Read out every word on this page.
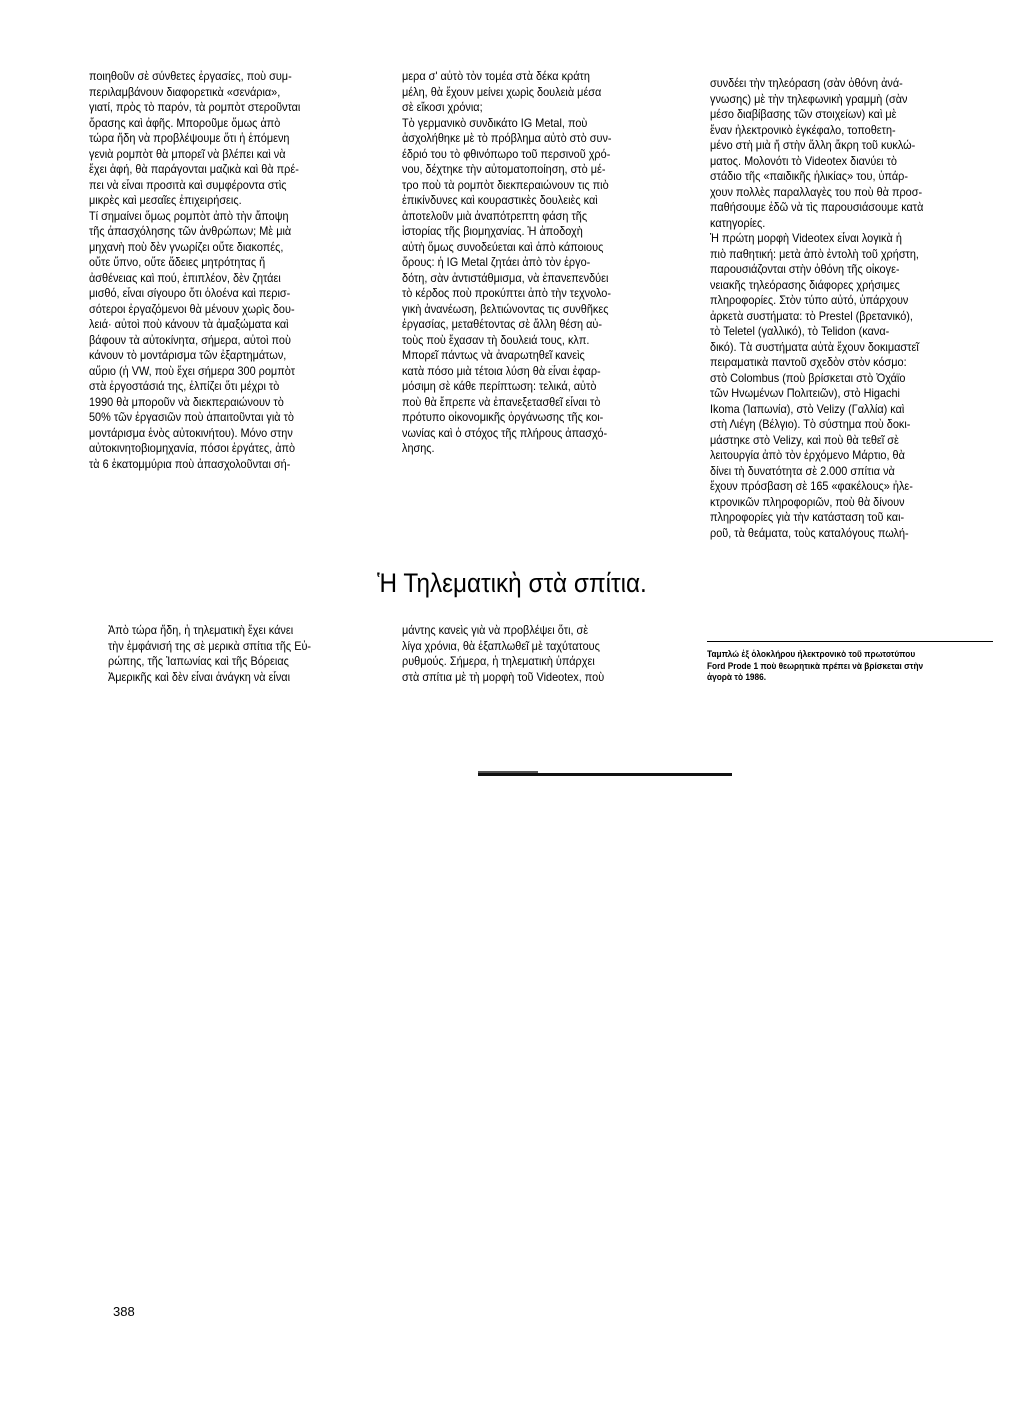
ποιηθοῦν σὲ σύνθετες ἐργασίες, ποὺ συμ-
περιλαμβάνουν διαφορετικὰ «σενάρια»,
γιατί, πρὸς τὸ παρόν, τὰ ρομπὸτ στεροῦνται
ὅρασης καὶ ἀφῆς. Μποροῦμε ὅμως ἀπὸ
τώρα ἤδη νὰ προβλέψουμε ὅτι ἡ ἑπόμενη
γενιὰ ρομπὸτ θὰ μπορεῖ νὰ βλέπει καὶ νὰ
ἔχει ἀφή, θὰ παράγονται μαζικὰ καὶ θὰ πρέ-
πει νὰ εἶναι προσιτὰ καὶ συμφέροντα στὶς
μικρὲς καὶ μεσαῖες ἐπιχειρήσεις.
Τί σημαίνει ὅμως ρομπὸτ ἀπὸ τὴν ἄποψη
τῆς ἀπασχόλησης τῶν ἀνθρώπων; Μὲ μιὰ
μηχανὴ ποὺ δὲν γνωρίζει οὔτε διακοπές,
οὔτε ὕπνο, οὔτε ἄδειες μητρότητας ἤ
ἀσθένειας καὶ πού, ἐπιπλέον, δὲν ζητάει
μισθό, εἶναι σίγουρο ὅτι ὁλοένα καὶ περισ-
σότεροι ἐργαζόμενοι θὰ μένουν χωρὶς δου-
λειά· αὐτοὶ ποὺ κάνουν τὰ ἀμαξώματα καὶ
βάφουν τὰ αὐτοκίνητα, σήμερα, αὐτοὶ ποὺ
κάνουν τὸ μοντάρισμα τῶν ἐξαρτημάτων,
αὔριο (ἡ VW, ποὺ ἔχει σήμερα 300 ρομπὸτ
στὰ ἐργοστάσιά της, ἐλπίζει ὅτι μέχρι τὸ
1990 θὰ μποροῦν νὰ διεκπεραιώνουν τὸ
50% τῶν ἐργασιῶν ποὺ ἀπαιτοῦνται γιὰ τὸ
μοντάρισμα ἑνὸς αὐτοκινήτου). Μόνο στην
αὐτοκινητοβιομηχανία, πόσοι ἐργάτες, ἀπὸ
τὰ 6 ἑκατομμύρια ποὺ ἀπασχολοῦνται σή-
μερα σ' αὐτὸ τὸν τομέα στὰ δέκα κράτη
μέλη, θὰ ἔχουν μείνει χωρὶς δουλειὰ μέσα
σὲ εἴκοσι χρόνια;
Τὸ γερμανικὸ συνδικάτο IG Metal, ποὺ
ἀσχολήθηκε μὲ τὸ πρόβλημα αὐτὸ στὸ συν-
έδριό του τὸ φθινόπωρο τοῦ περσινοῦ χρό-
νου, δέχτηκε τὴν αὐτοματοποίηση, στὸ μέ-
τρο ποὺ τὰ ρομπὸτ διεκπεραιώνουν τις πιὸ
ἐπικίνδυνες καὶ κουραστικὲς δουλειὲς καὶ
ἀποτελοῦν μιὰ ἀναπότρεπτη φάση τῆς
ἱστορίας τῆς βιομηχανίας. Ἡ ἀποδοχὴ
αὐτὴ ὅμως συνοδεύεται καὶ ἀπὸ κάποιους
ὅρους: ἡ IG Metal ζητάει ἀπὸ τὸν ἐργο-
δότη, σὰν ἀντιστάθμισμα, νὰ ἐπανεπενδύει
τὸ κέρδος ποὺ προκύπτει ἀπὸ τὴν τεχνολο-
γικὴ ἀνανέωση, βελτιώνοντας τις συνθῆκες
ἐργασίας, μεταθέτοντας σὲ ἄλλη θέση αὐ-
τοὺς ποὺ ἔχασαν τὴ δουλειά τους, κλπ.
Μπορεῖ πάντως νὰ ἀναρωτηθεῖ κανεὶς
κατὰ πόσο μιὰ τέτοια λύση θὰ εἶναι ἐφαρ-
μόσιμη σὲ κάθε περίπτωση: τελικά, αὐτὸ
ποὺ θὰ ἔπρεπε νὰ ἐπανεξετασθεῖ εἶναι τὸ
πρότυπο οἰκονομικῆς ὀργάνωσης τῆς κοι-
νωνίας καὶ ὁ στόχος τῆς πλήρους ἀπασχό-
λησης.
συνδέει τὴν τηλεόραση (σὰν ὀθόνη ἀνά-
γνωσης) μὲ τὴν τηλεφωνικὴ γραμμὴ (σὰν
μέσο διαβίβασης τῶν στοιχείων) καὶ μὲ
ἕναν ἠλεκτρονικὸ ἐγκέφαλο, τοποθετη-
μένο στὴ μιὰ ἤ στὴν ἄλλη ἄκρη τοῦ κυκλώ-
ματος. Μολονότι τὸ Videotex διανύει τὸ
στάδιο τῆς «παιδικῆς ἡλικίας» του, ὑπάρ-
χουν πολλὲς παραλλαγὲς του ποὺ θὰ προσ-
παθήσουμε ἐδῶ νὰ τὶς παρουσιάσουμε κατὰ
κατηγορίες.
Ἡ πρώτη μορφὴ Videotex εἶναι λογικὰ ἡ
πιὸ παθητική: μετὰ ἀπὸ ἐντολὴ τοῦ χρήστη,
παρουσιάζονται στὴν ὀθόνη τῆς οἰκογε-
νειακῆς τηλεόρασης διάφορες χρήσιμες
πληροφορίες. Στὸν τύπο αὐτό, ὑπάρχουν
ἀρκετὰ συστήματα: τὸ Prestel (βρετανικό),
τὸ Teletel (γαλλικό), τὸ Telidon (κανα-
δικό). Τὰ συστήματα αὐτὰ ἔχουν δοκιμαστεῖ
πειραματικὰ παντοῦ σχεδὸν στὸν κόσμο:
στὸ Colombus (ποὺ βρίσκεται στὸ Ὀχάϊο
τῶν Ηνωμένων Πολιτειῶν), στὸ Higachi
Ikoma (Ἰαπωνία), στὸ Velizy (Γαλλία) καὶ
στὴ Λιέγη (Βέλγιο). Τὸ σύστημα ποὺ δοκι-
μάστηκε στὸ Velizy, καὶ ποὺ θὰ τεθεῖ σὲ
λειτουργία ἀπὸ τὸν ἐρχόμενο Μάρτιο, θὰ
δίνει τὴ δυνατότητα σὲ 2.000 σπίτια νὰ
ἔχουν πρόσβαση σὲ 165 «φακέλους» ἠλε-
κτρονικῶν πληροφοριῶν, ποὺ θὰ δίνουν
πληροφορίες γιὰ τὴν κατάσταση τοῦ και-
ροῦ, τὰ θεάματα, τοὺς καταλόγους πωλή-
Ἡ Τηλεματικὴ στὰ σπίτια.
Ἀπὸ τώρα ἤδη, ἡ τηλεματικὴ ἔχει κάνει
τὴν ἐμφάνισή της σὲ μερικὰ σπίτια τῆς Εὐ-
ρώπης, τῆς Ἰαπωνίας καὶ τῆς Βόρειας
Ἀμερικῆς καὶ δὲν εἶναι ἀνάγκη νὰ εἶναι
μάντης κανεὶς γιὰ νὰ προβλέψει ὅτι, σὲ
λίγα χρόνια, θὰ ἐξαπλωθεῖ μὲ ταχύτατους
ρυθμούς. Σήμερα, ἡ τηλεματικὴ ὑπάρχει
στὰ σπίτια μὲ τὴ μορφὴ τοῦ Videotex, ποὺ
Ταμπλώ ἐξ ὁλοκλήρου ἠλεκτρονικὸ τοῦ πρωτοτύπου
Ford Prode 1 ποὺ θεωρητικὰ πρέπει νὰ βρίσκεται στὴν
ἀγορὰ τὸ 1986.
388
